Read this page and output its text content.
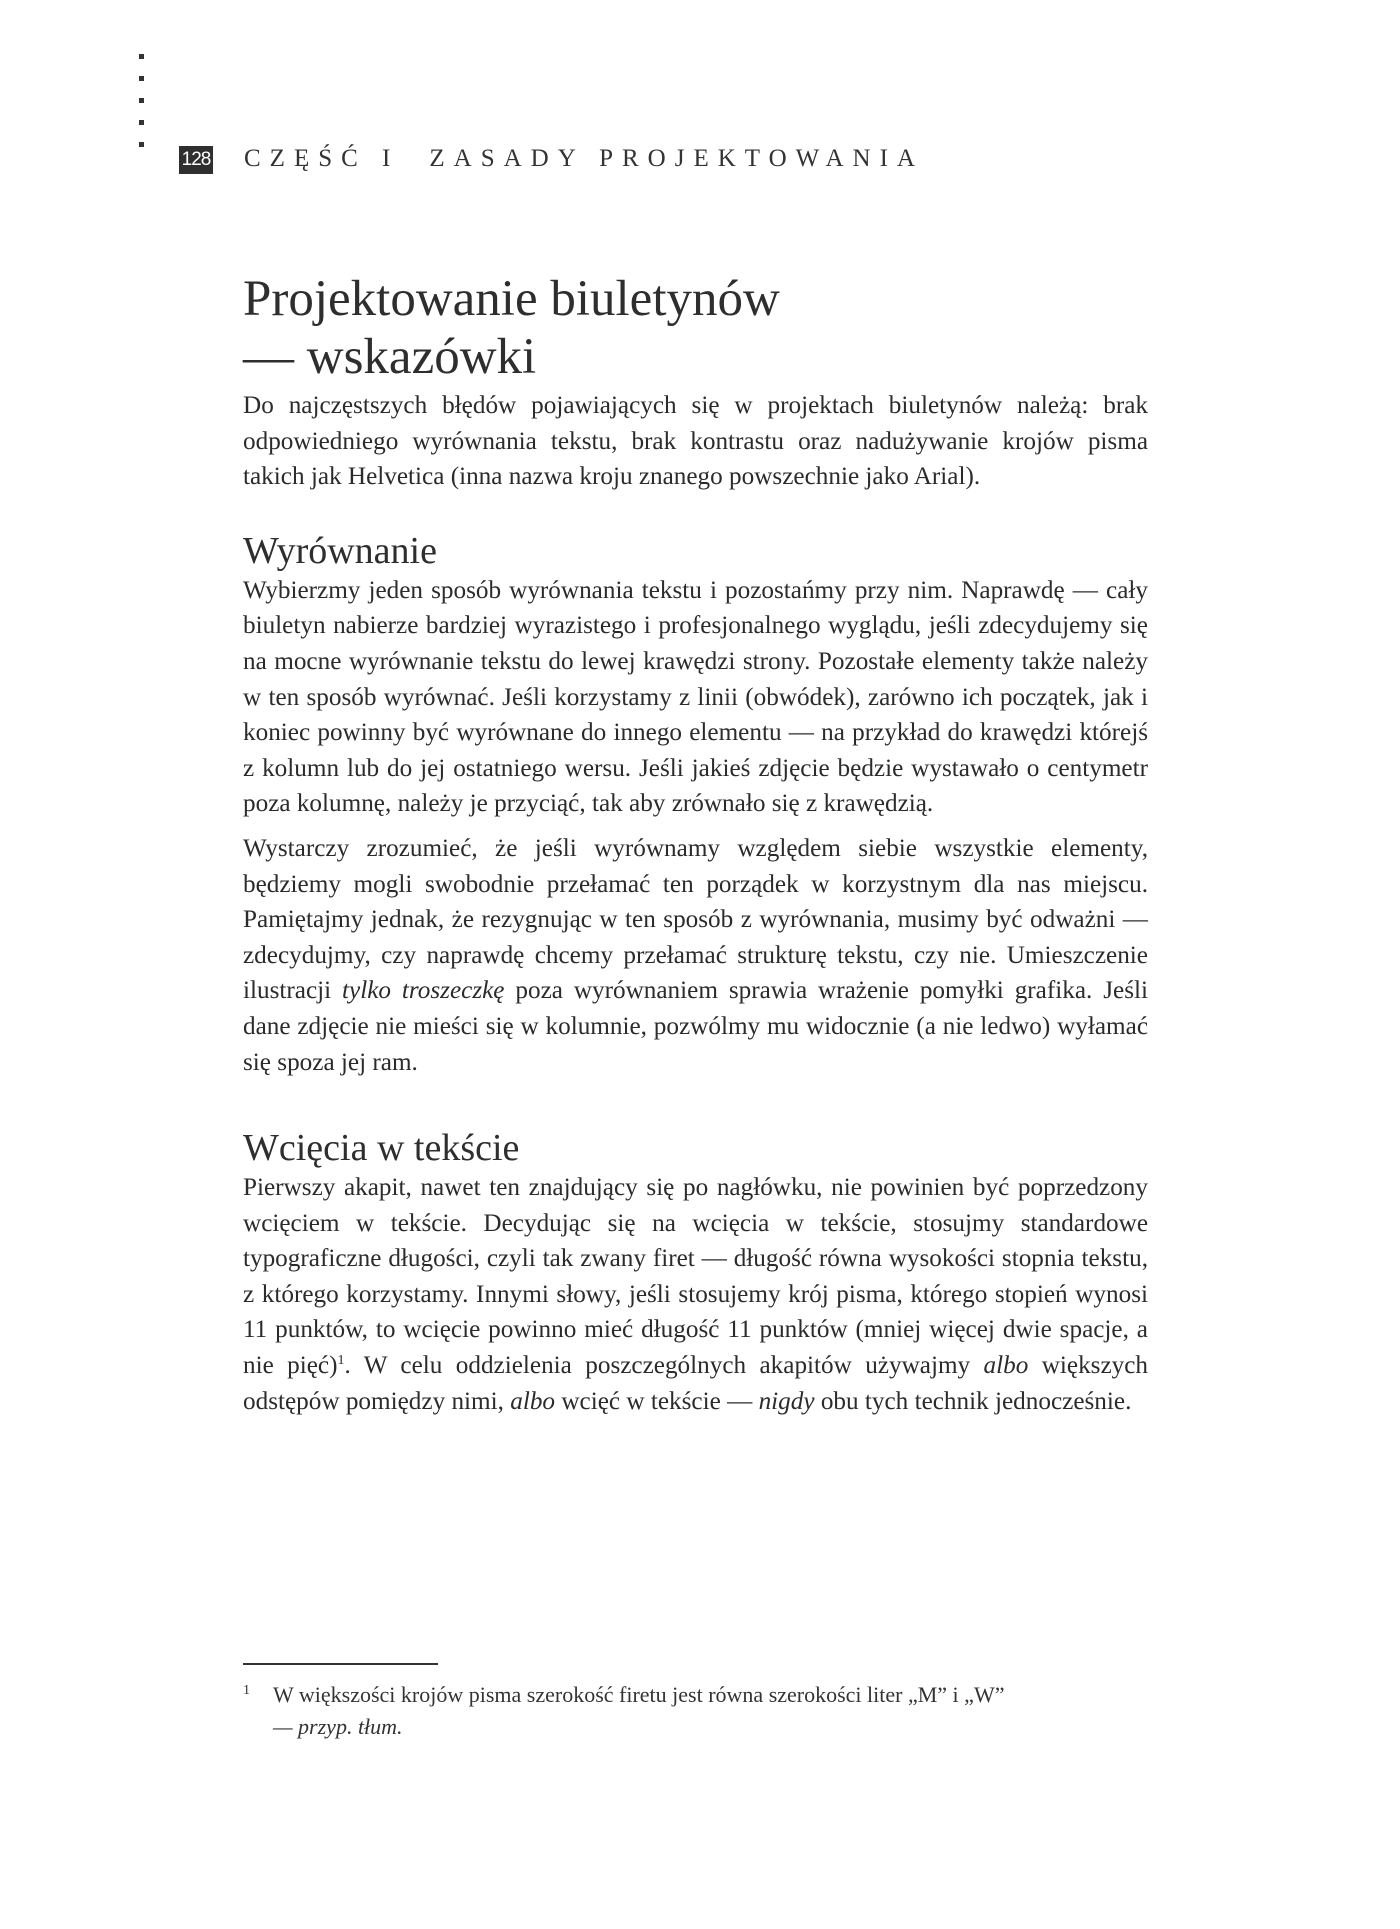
128 CZĘŚĆ I ZASADY PROJEKTOWANIA
Projektowanie biuletynów
— wskazówki

Do najczęstszych błędów pojawiających się w projektach biuletynów należą: brak odpowiedniego wyrównania tekstu, brak kontrastu oraz nadużywanie krojów pisma takich jak Helvetica (inna nazwa kroju znanego powszechnie jako Arial).

Wyrównanie

Wybierzmy jeden sposób wyrównania tekstu i pozostańmy przy nim. Naprawdę — cały biuletyn nabierze bardziej wyrazistego i profesjonalnego wyglądu, jeśli zdecydujemy się na mocne wyrównanie tekstu do lewej krawędzi strony. Pozostałe elementy także należy w ten sposób wyrównać. Jeśli korzystamy z linii (obwódek), zarówno ich początek, jak i koniec powinny być wyrównane do innego elementu — na przykład do krawędzi którejś z kolumn lub do jej ostatniego wersu. Jeśli jakieś zdjęcie będzie wystawało o centymetr poza kolumnę, należy je przyciąć, tak aby zrównało się z krawędzią.

Wystarczy zrozumieć, że jeśli wyrównamy względem siebie wszystkie elementy, będziemy mogli swobodnie przełamać ten porządek w korzystnym dla nas miejscu. Pamiętajmy jednak, że rezygnując w ten sposób z wyrównania, musimy być odważni — zdecydujmy, czy naprawdę chcemy przełamać strukturę tekstu, czy nie. Umieszczenie ilustracji tylko troszeczkę poza wyrównaniem sprawia wrażenie pomyłki grafika. Jeśli dane zdjęcie nie mieści się w kolumnie, pozwólmy mu widocznie (a nie ledwo) wyłamać się spoza jej ram.

Wcięcia w tekście

Pierwszy akapit, nawet ten znajdujący się po nagłówku, nie powinien być poprzedzony wcięciem w tekście. Decydując się na wcięcia w tekście, stosujmy standardowe typograficzne długości, czyli tak zwany firet — długość równa wysokości stopnia tekstu, z którego korzystamy. Innymi słowy, jeśli stosujemy krój pisma, którego stopień wynosi 11 punktów, to wcięcie powinno mieć długość 11 punktów (mniej więcej dwie spacje, a nie pięć)$^1$. W celu oddzielenia poszczególnych akapitów używajmy albo większych odstępów pomiędzy nimi, albo wcięć w tekście — nigdy obu tych technik jednocześnie.

1 W większości krojów pisma szerokość firetu jest równa szerokości liter „M” i „W”
— przyp. tłum.
